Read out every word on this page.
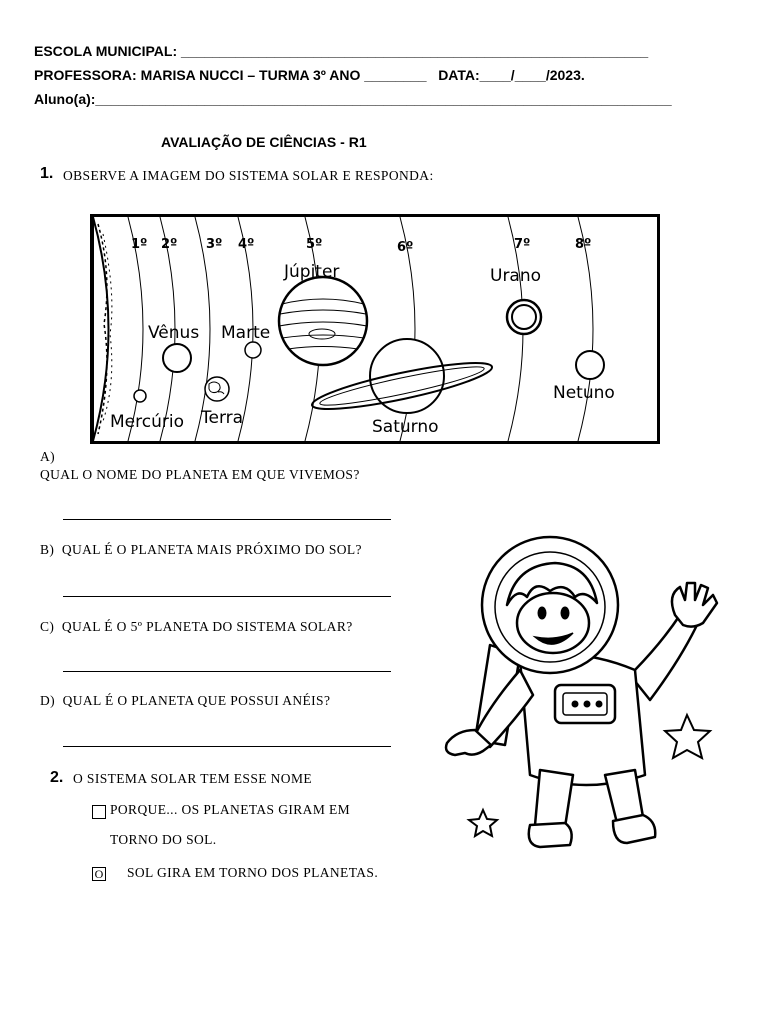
ESCOLA MUNICIPAL: ____________________________________________________________
PROFESSORA: MARISA NUCCI – TURMA 3º ANO ________   DATA:____/____/2023.
Aluno(a):__________________________________________________________________________
AVALIAÇÃO DE CIÊNCIAS - R1
1. OBSERVE A IMAGEM DO SISTEMA SOLAR E RESPONDA:
1º 2º 3º 4º	5º	6º	7º	8º
Mercúrio
Vênus
Terra
Marte
Júpiter
Saturno
Urano
Netuno
A)
QUAL O NOME DO PLANETA EM QUE VIVEMOS?
B)  QUAL É O PLANETA MAIS PRÓXIMO DO SOL?
C)  QUAL É O 5º PLANETA DO SISTEMA SOLAR?
D)  QUAL É O PLANETA QUE POSSUI ANÉIS?
2. O SISTEMA SOLAR TEM ESSE NOME
PORQUE... OS PLANETAS GIRAM EM
TORNO DO SOL.
O SOL GIRA EM TORNO DOS PLANETAS.
